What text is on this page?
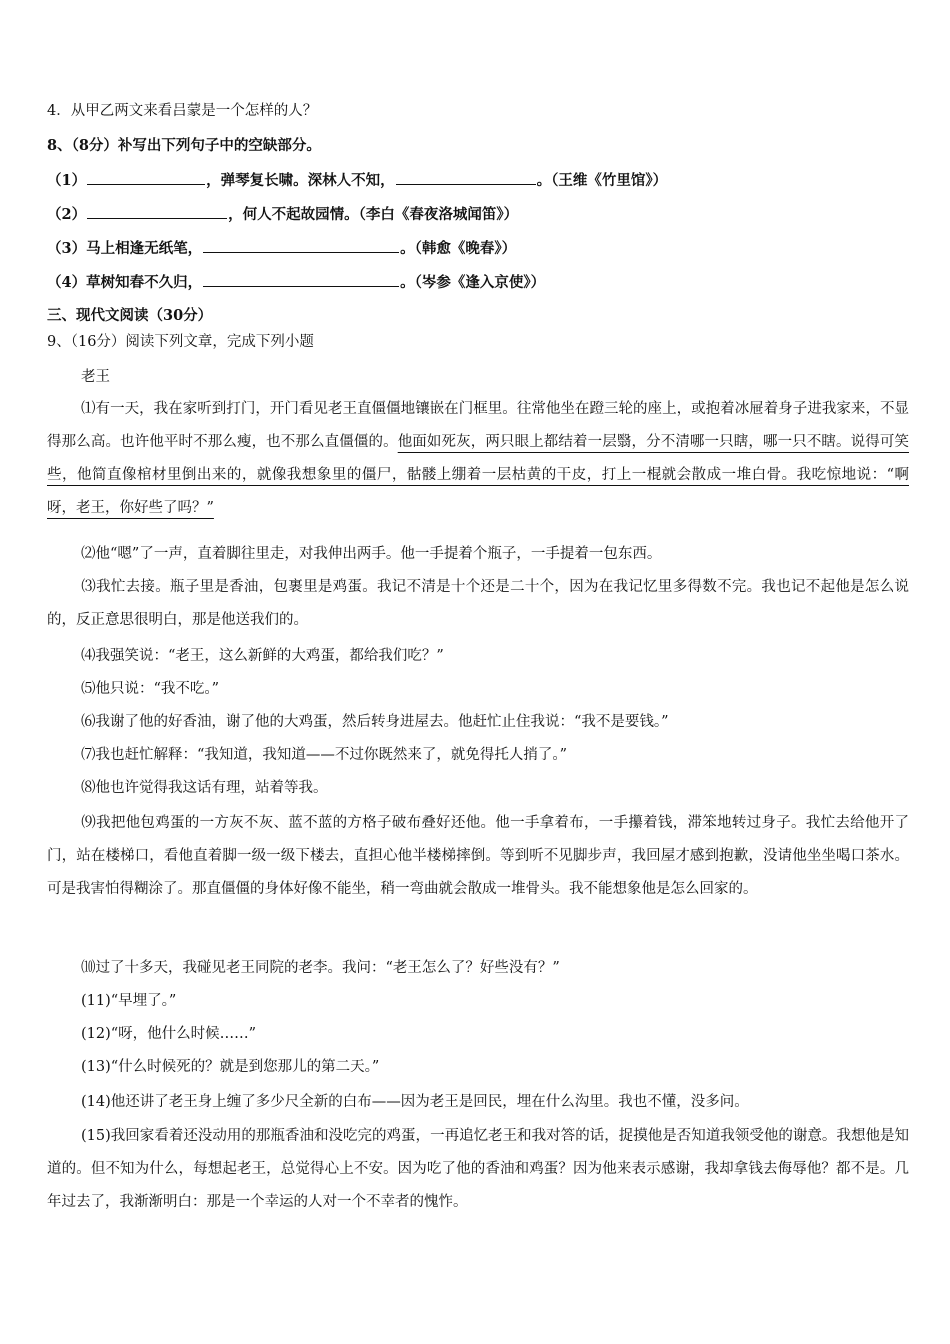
4．从甲乙两文来看吕蒙是一个怎样的人？
8、（8分）补写出下列句子中的空缺部分。
（1）	，弹琴复长啸。深林人不知，	。（王维《竹里馆》）
（2）	，何人不起故园情。（李白《春夜洛城闻笛》）
（3）马上相逢无纸笔，	。（韩愈《晚春》）
（4）草树知春不久归，	。（岑参《逢入京使》）
三、现代文阅读（30分）
9、（16分）阅读下列文章，完成下列小题
老王
⑴有一天，我在家听到打门，开门看见老王直僵僵地镶嵌在门框里。往常他坐在蹬三轮的座上，或抱着冰屉着身子进我家来，不显得那么高。也许他平时不那么瘦，也不那么直僵僵的。他面如死灰，两只眼上都结着一层翳，分不清哪一只瞎，哪一只不瞎。说得可笑些，他简直像棺材里倒出来的，就像我想象里的僵尸，骷髅上绷着一层枯黄的干皮，打上一棍就会散成一堆白骨。我吃惊地说：“啊呀，老王，你好些了吗？”
⑵他“嗯”了一声，直着脚往里走，对我伸出两手。他一手提着个瓶子，一手提着一包东西。
⑶我忙去接。瓶子里是香油，包裹里是鸡蛋。我记不清是十个还是二十个，因为在我记忆里多得数不完。我也记不起他是怎么说的，反正意思很明白，那是他送我们的。
⑷我强笑说：“老王，这么新鲜的大鸡蛋，都给我们吃？”
⑸他只说：“我不吃。”
⑹我谢了他的好香油，谢了他的大鸡蛋，然后转身进屋去。他赶忙止住我说：“我不是要钱。”
⑺我也赶忙解释：“我知道，我知道——不过你既然来了，就免得托人捎了。”
⑻他也许觉得我这话有理，站着等我。
⑼我把他包鸡蛋的一方灰不灰、蓝不蓝的方格子破布叠好还他。他一手拿着布，一手攥着钱，滞笨地转过身子。我忙去给他开了门，站在楼梯口，看他直着脚一级一级下楼去，直担心他半楼梯摔倒。等到听不见脚步声，我回屋才感到抱歉，没请他坐坐喝口茶水。可是我害怕得糊涂了。那直僵僵的身体好像不能坐，稍一弯曲就会散成一堆骨头。我不能想象他是怎么回家的。
⑽过了十多天，我碰见老王同院的老李。我问：“老王怎么了？好些没有？”
(11)“早埋了。”
(12)“呀，他什么时候……”
(13)“什么时候死的？就是到您那儿的第二天。”
(14)他还讲了老王身上缠了多少尺全新的白布——因为老王是回民，埋在什么沟里。我也不懂，没多问。
(15)我回家看着还没动用的那瓶香油和没吃完的鸡蛋，一再追忆老王和我对答的话，捉摸他是否知道我领受他的谢意。我想他是知道的。但不知为什么，每想起老王，总觉得心上不安。因为吃了他的香油和鸡蛋？因为他来表示感谢，我却拿钱去侮辱他？都不是。几年过去了，我渐渐明白：那是一个幸运的人对一个不幸者的愧怍。
